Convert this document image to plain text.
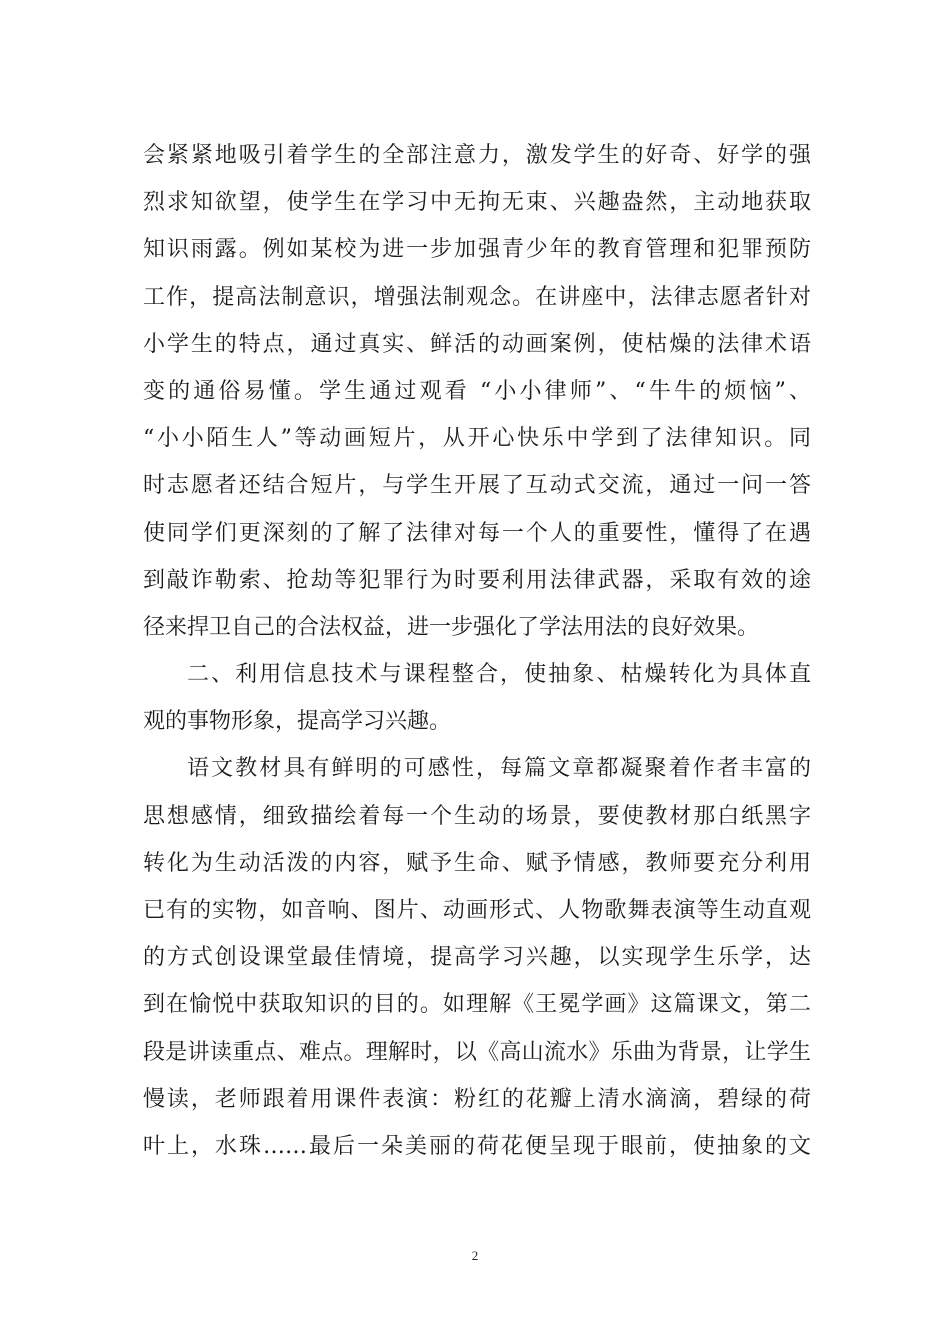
会紧紧地吸引着学生的全部注意力，激发学生的好奇、好学的强
烈求知欲望，使学生在学习中无拘无束、兴趣盎然，主动地获取
知识雨露。例如某校为进一步加强青少年的教育管理和犯罪预防
工作，提高法制意识，增强法制观念。在讲座中，法律志愿者针对
小学生的特点，通过真实、鲜活的动画案例，使枯燥的法律术语
变的通俗易懂。学生通过观看 “小小律师”、“牛牛的烦恼”、
“小小陌生人”等动画短片，从开心快乐中学到了法律知识。同
时志愿者还结合短片，与学生开展了互动式交流，通过一问一答
使同学们更深刻的了解了法律对每一个人的重要性，懂得了在遇
到敲诈勒索、抢劫等犯罪行为时要利用法律武器，采取有效的途
径来捍卫自己的合法权益，进一步强化了学法用法的良好效果。
二、利用信息技术与课程整合，使抽象、枯燥转化为具体直
观的事物形象，提高学习兴趣。
语文教材具有鲜明的可感性，每篇文章都凝聚着作者丰富的
思想感情，细致描绘着每一个生动的场景，要使教材那白纸黑字
转化为生动活泼的内容，赋予生命、赋予情感，教师要充分利用
已有的实物，如音响、图片、动画形式、人物歌舞表演等生动直观
的方式创设课堂最佳情境，提高学习兴趣，以实现学生乐学，达
到在愉悦中获取知识的目的。如理解《王冕学画》这篇课文，第二
段是讲读重点、难点。理解时，以《高山流水》乐曲为背景，让学生
慢读，老师跟着用课件表演：粉红的花瓣上清水滴滴，碧绿的荷
叶上，水珠……最后一朵美丽的荷花便呈现于眼前，使抽象的文
2
